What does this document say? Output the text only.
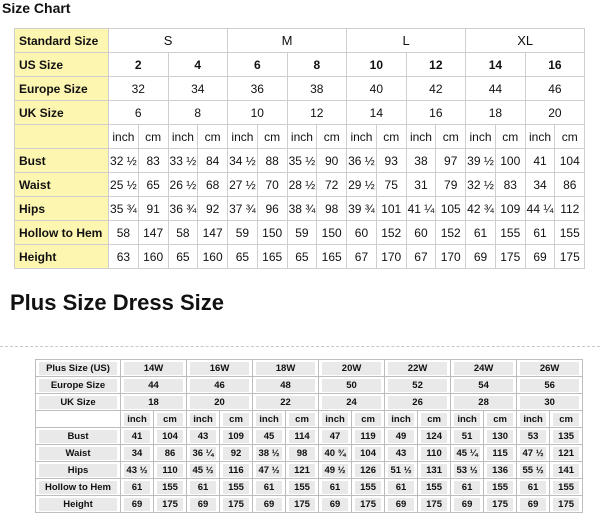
Size Chart
Standard Size	S				M				L				XL			
US Size	2		4		6		8		10		12		14		16	
Europe Size	32		34		36		38		40		42		44		46	
UK Size	6		8		10		12		14		16		18		20	
	inch	cm	inch	cm	inch	cm	inch	cm	inch	cm	inch	cm	inch	cm	inch	cm
Bust	32 ½	83	33 ½	84	34 ½	88	35 ½	90	36 ½	93	38	97	39 ½	100	41	104
Waist	25 ½	65	26 ½	68	27 ½	70	28 ½	72	29 ½	75	31	79	32 ½	83	34	86
Hips	35 ¾	91	36 ¾	92	37 ¾	96	38 ¾	98	39 ¾	101	41 ¼	105	42 ¾	109	44 ¼	112
Hollow to Hem	58	147	58	147	59	150	59	150	60	152	60	152	61	155	61	155
Height	63	160	65	160	65	165	65	165	67	170	67	170	69	175	69	175
Plus Size Dress Size
Plus Size (US)	14W		16W		18W		20W		22W		24W		26W	

Europe Size	44		46		48		50		52		54		56	

UK Size	18		20		22		24		26		28		30	

	inch	cm	inch	cm	inch	cm	inch	cm	inch	cm	inch	cm	inch	cm

Bust	41	104	43	109	45	114	47	119	49	124	51	130	53	135

Waist	34	86	36 ¼	92	38 ½	98	40 ¾	104	43	110	45 ¼	115	47 ½	121

Hips	43 ½	110	45 ½	116	47 ½	121	49 ½	126	51 ½	131	53 ½	136	55 ½	141

Hollow to Hem	61	155	61	155	61	155	61	155	61	155	61	155	61	155

Height	69	175	69	175	69	175	69	175	69	175	69	175	69	175
